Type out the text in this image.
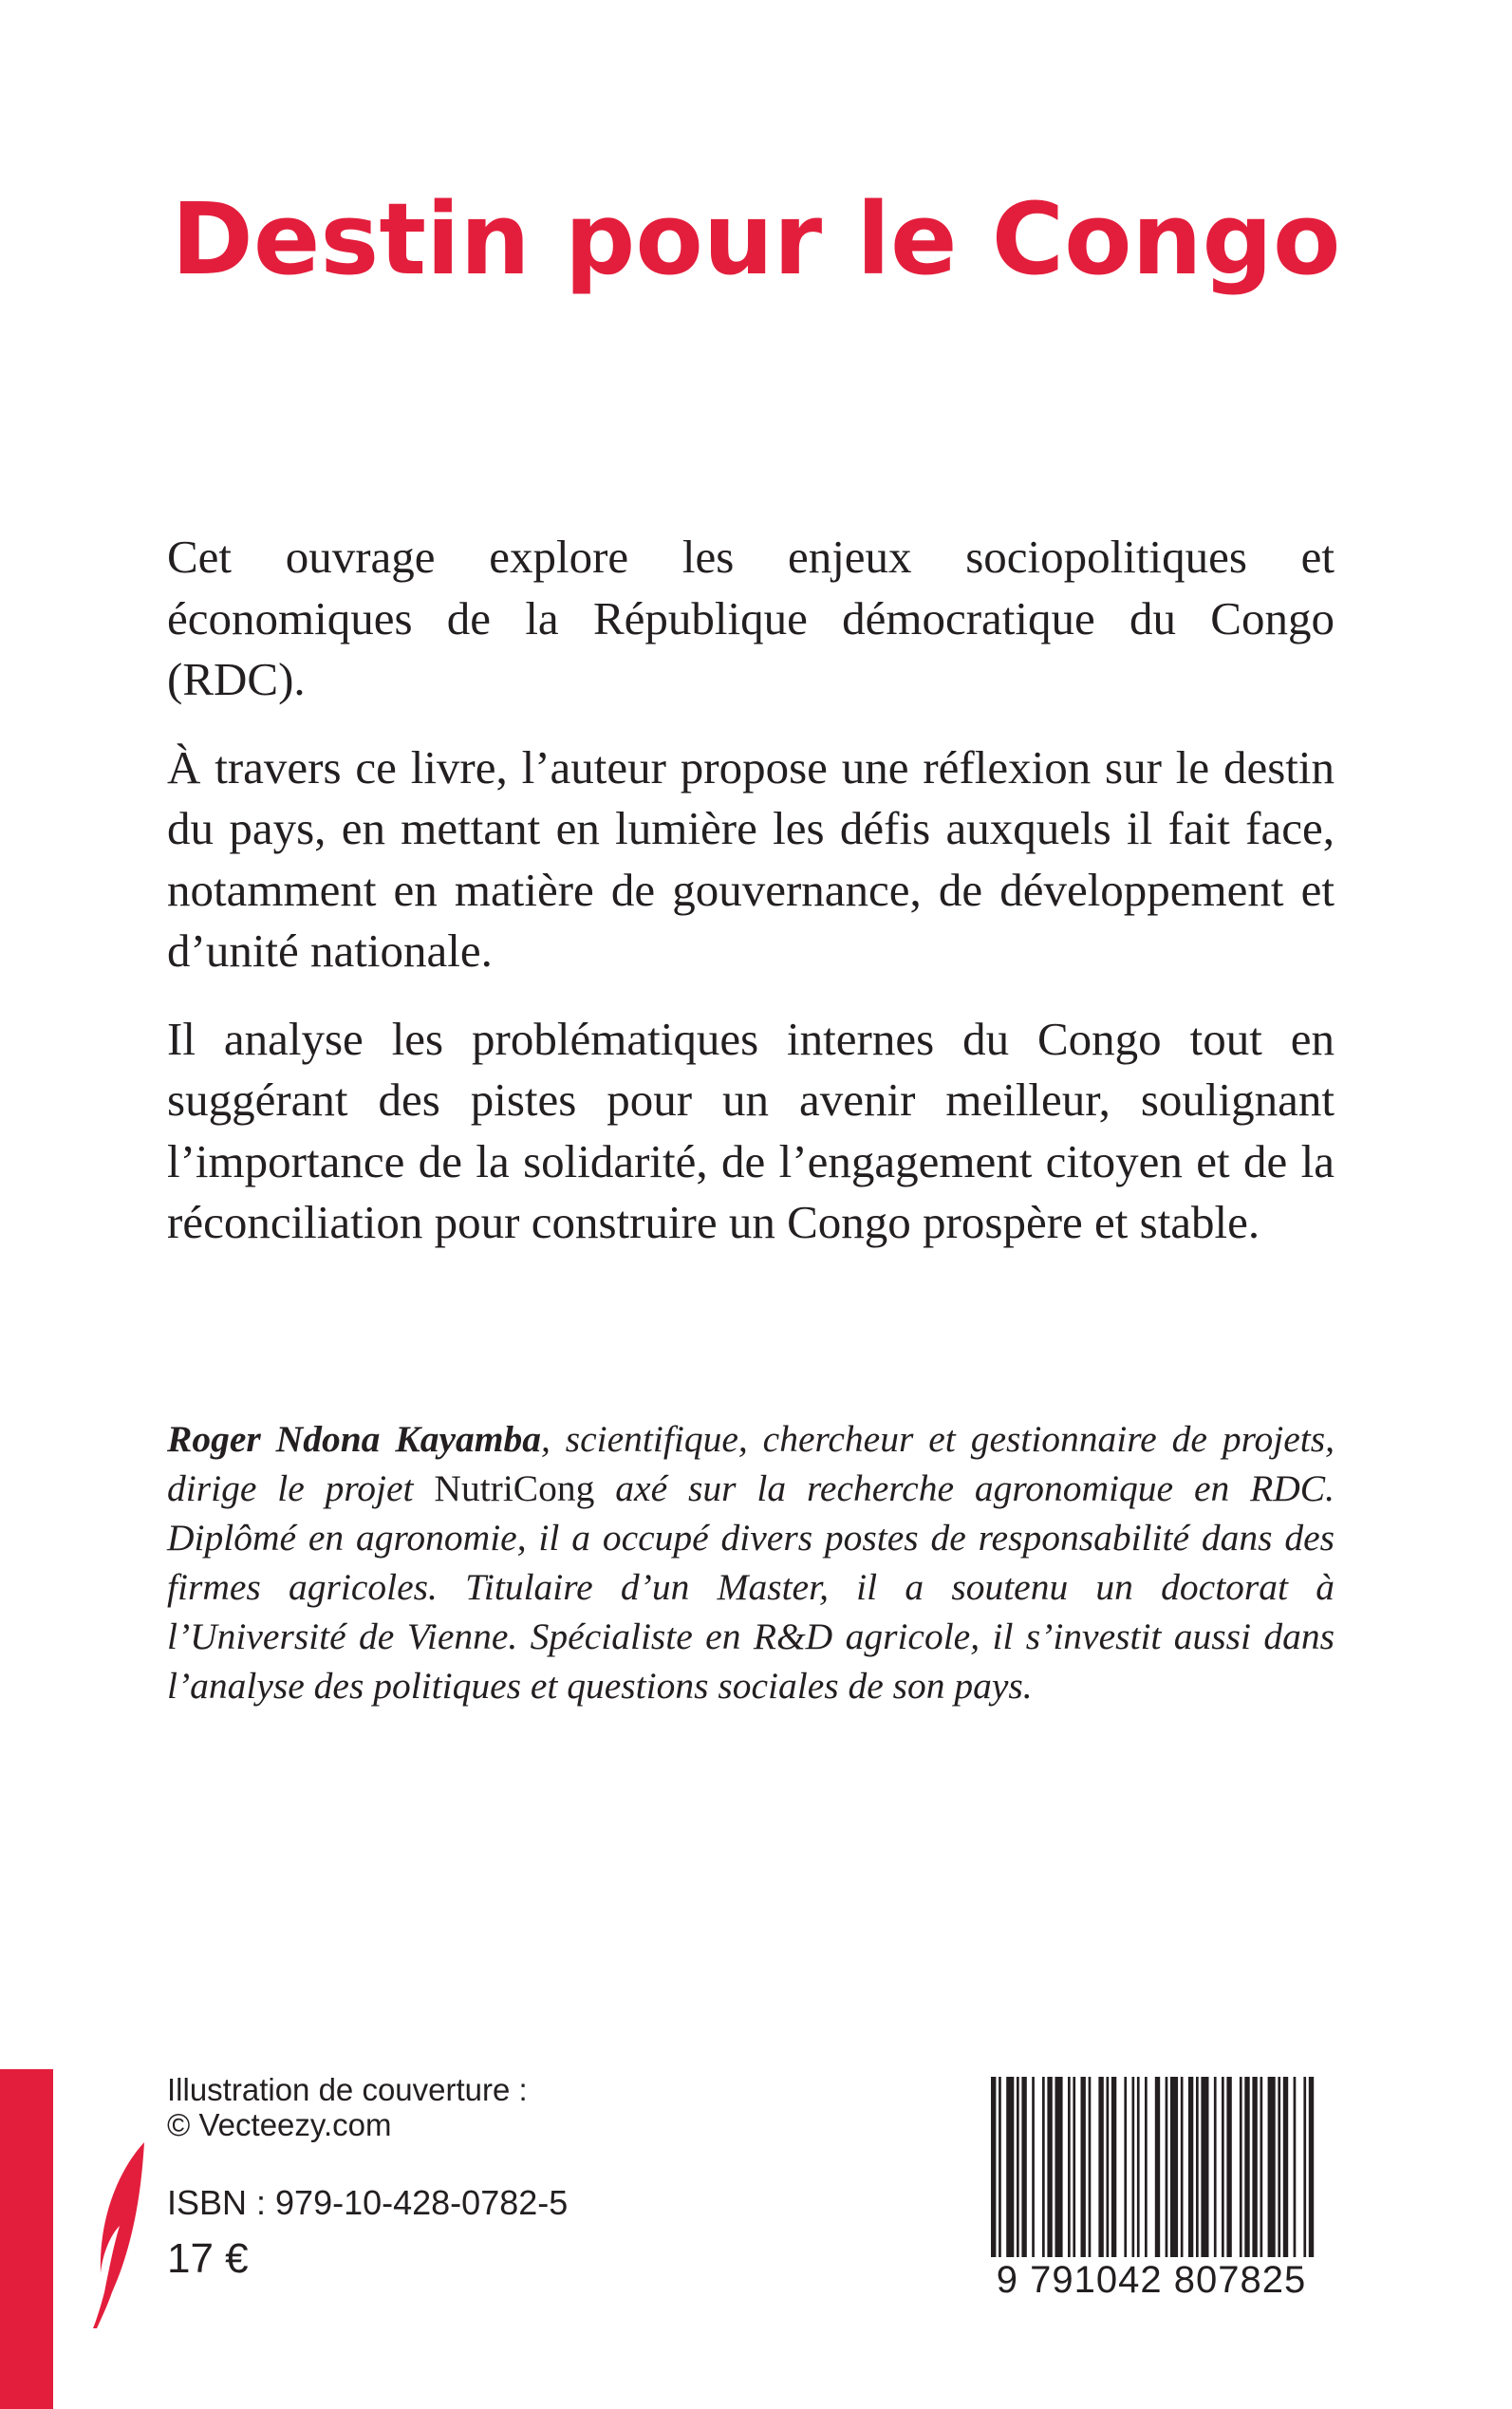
Destin pour le Congo

Cet ouvrage explore les enjeux sociopolitiques et économiques de la République démocratique du Congo (RDC).

À travers ce livre, l’auteur propose une réflexion sur le destin du pays, en mettant en lumière les défis auxquels il fait face, notamment en matière de gouvernance, de développement et d’unité nationale.

Il analyse les problématiques internes du Congo tout en suggérant des pistes pour un avenir meilleur, soulignant l’importance de la solidarité, de l’engagement citoyen et de la réconciliation pour construire un Congo prospère et stable.

Roger Ndona Kayamba, scientifique, chercheur et gestionnaire de projets, dirige le projet NutriCong axé sur la recherche agronomique en RDC. Diplômé en agronomie, il a occupé divers postes de responsabilité dans des firmes agricoles. Titulaire d’un Master, il a soutenu un doctorat à l’Université de Vienne. Spécialiste en R&D agricole, il s’investit aussi dans l’analyse des politiques et questions sociales de son pays.
Illustration de couverture :
© Vecteezy.com
ISBN : 979-10-428-0782-5
17 €	9 791042 807825
